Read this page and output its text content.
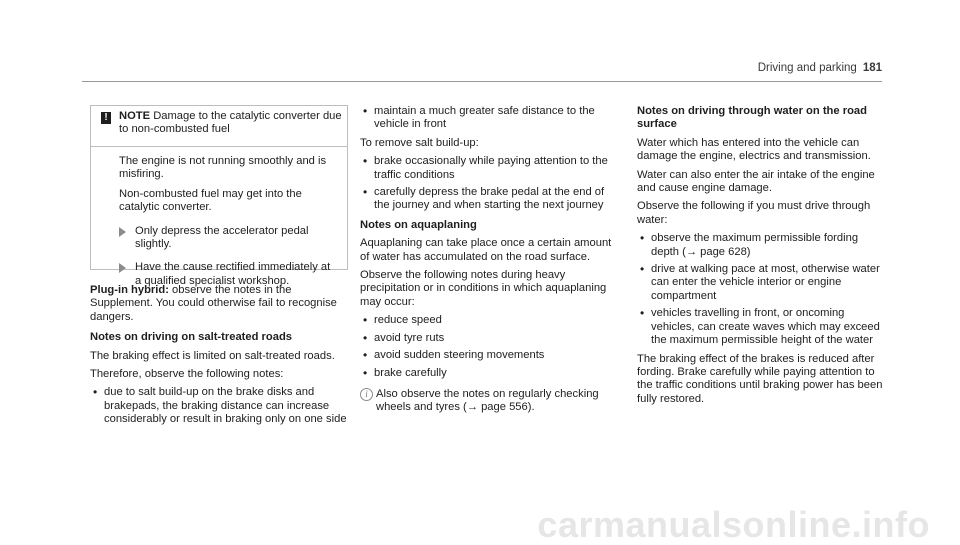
Driving and parking 181
! NOTE Damage to the catalytic converter due to non-combusted fuel

The engine is not running smoothly and is misfiring.

Non-combusted fuel may get into the catalytic converter.

Only depress the accelerator pedal slightly.
Have the cause rectified immediately at a qualified specialist workshop.

Plug-in hybrid: observe the notes in the Supplement. You could otherwise fail to recognise dangers.

Notes on driving on salt-treated roads

The braking effect is limited on salt-treated roads.

Therefore, observe the following notes:

• due to salt build-up on the brake disks and brakepads, the braking distance can increase considerably or result in braking only on one side
• maintain a much greater safe distance to the vehicle in front

To remove salt build-up:

• brake occasionally while paying attention to the traffic conditions
• carefully depress the brake pedal at the end of the journey and when starting the next journey

Notes on aquaplaning

Aquaplaning can take place once a certain amount of water has accumulated on the road surface.

Observe the following notes during heavy precipitation or in conditions in which aquaplaning may occur:

• reduce speed
• avoid tyre ruts
• avoid sudden steering movements
• brake carefully
i Also observe the notes on regularly checking wheels and tyres (→ page 556).

Notes on driving through water on the road surface

Water which has entered into the vehicle can damage the engine, electrics and transmission.

Water can also enter the air intake of the engine and cause engine damage.

Observe the following if you must drive through water:

• observe the maximum permissible fording depth (→ page 628)
• drive at walking pace at most, otherwise water can enter the vehicle interior or engine compartment
• vehicles travelling in front, or oncoming vehicles, can create waves which may exceed the maximum permissible height of the water

The braking effect of the brakes is reduced after fording. Brake carefully while paying attention to the traffic conditions until braking power has been fully restored.

carmanualsonline.info
